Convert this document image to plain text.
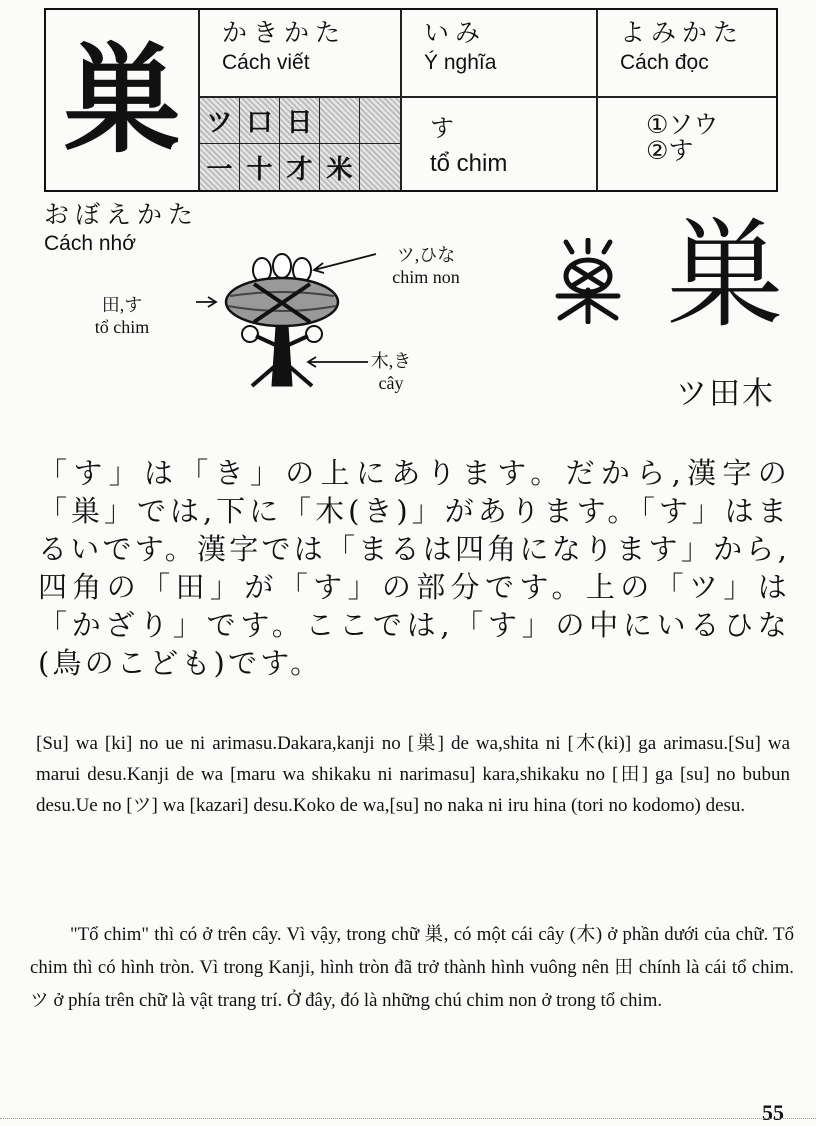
巣	かきかた
Cách viết
いみ
Ý nghĩa
よみかた
Cách đọc
ツ 口 日
一 十 才 米
す
tổ chim
①ソウ
②す
おぼえかた
Cách nhớ	ツ,ひな
chim non
田,す
tổ chim
木,き
cây
巣
ツ田木

「す」は「き」の上にあります。だから,漢字の「巣」では,下に「木(き)」があります。「す」はまるいです。漢字では「まるは四角になります」から,四角の「田」が「す」の部分です。上の「ツ」は「かざり」です。ここでは,「す」の中にいるひな(鳥のこども)です。

[Su] wa [ki] no ue ni arimasu.Dakara,kanji no [巣] de wa,shita ni [木(ki)] ga arimasu.[Su] wa marui desu.Kanji de wa [maru wa shikaku ni narimasu] kara,shikaku no [田] ga [su] no bubun desu.Ue no [ツ] wa [kazari] desu.Koko de wa,[su] no naka ni iru hina (tori no kodomo) desu.

"Tổ chim" thì có ở trên cây. Vì vậy, trong chữ 巣, có một cái cây (木) ở phần dưới của chữ. Tổ chim thì có hình tròn. Vì trong Kanji, hình tròn đã trở thành hình vuông nên 田 chính là cái tổ chim. ツ ở phía trên chữ là vật trang trí. Ở đây, đó là những chú chim non ở trong tổ chim.

55
